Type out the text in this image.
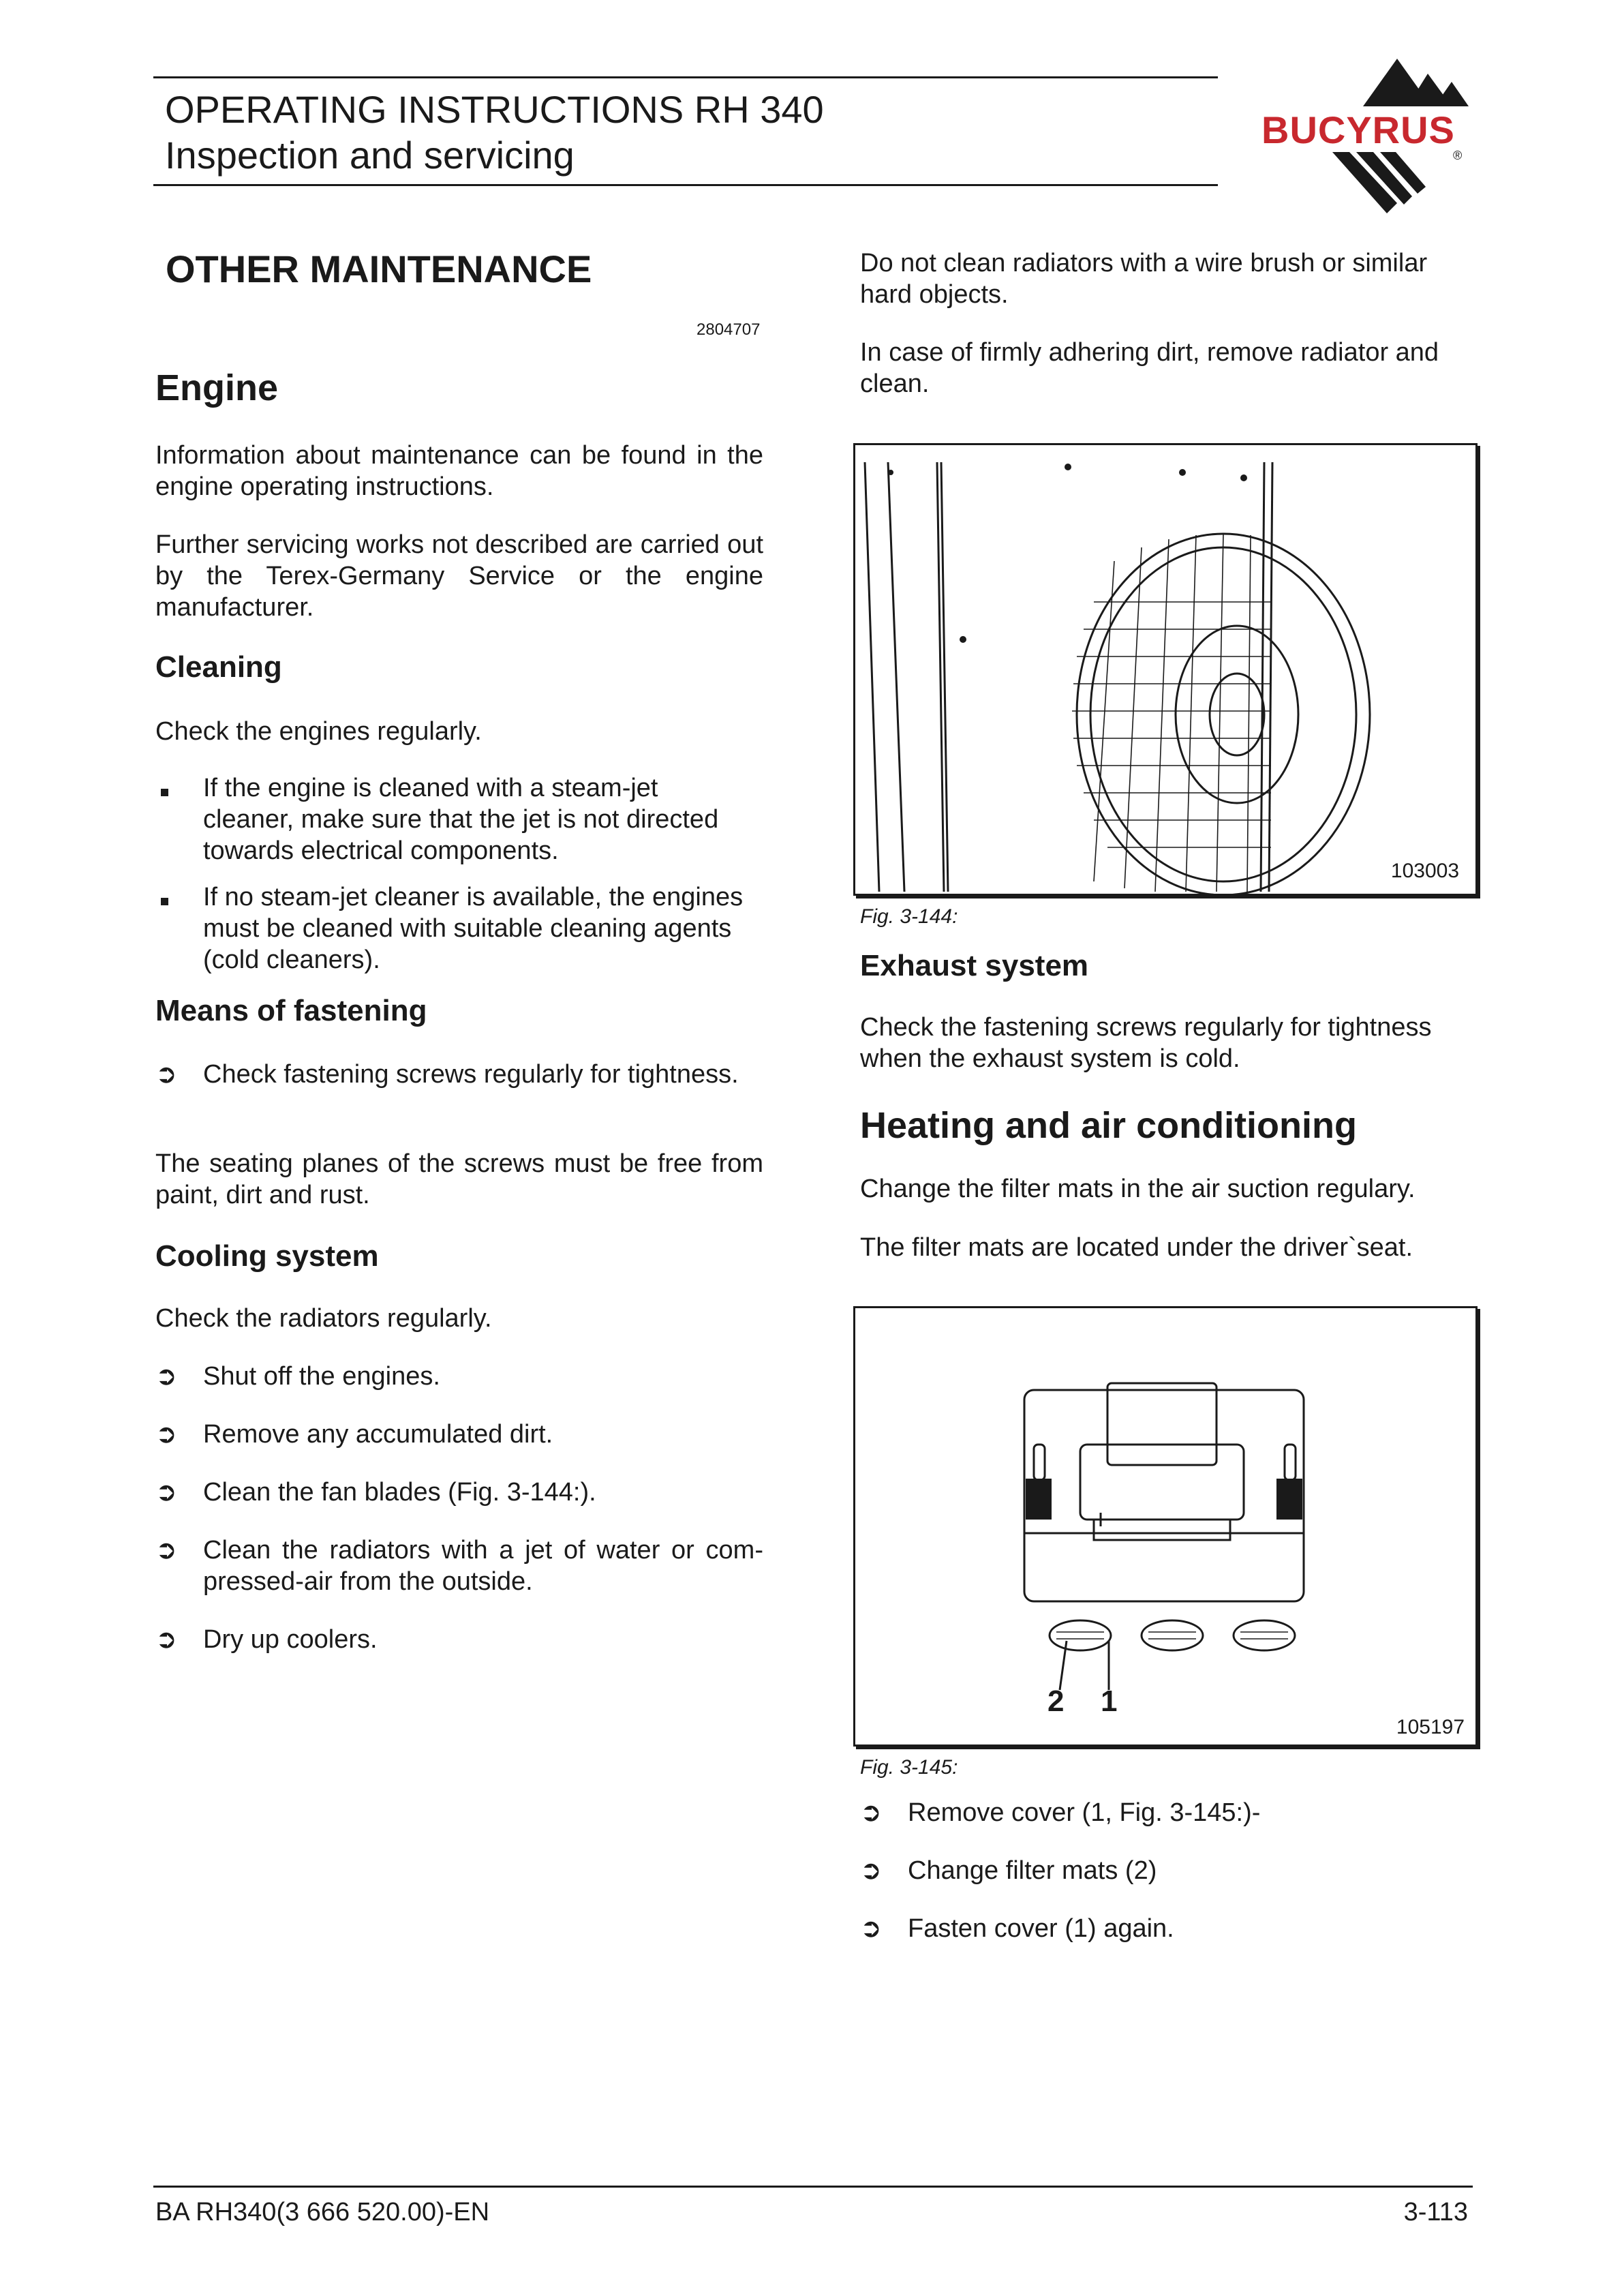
OPERATING INSTRUCTIONS RH 340
Inspection and servicing
BUCYRUS
®
OTHER MAINTENANCE
2804707
Engine

Information about maintenance can be found in the engine operating instructions.

Further servicing works not described are carried out by the Terex-Germany Service or the engine manufacturer.

Cleaning

Check the engines regularly.

If the engine is cleaned with a steam-jet cleaner, make sure that the jet is not directed towards electrical components.
If no steam-jet cleaner is available, the engines must be cleaned with suitable cleaning agents (cold cleaners).
Means of fastening
➲ Check fastening screws regularly for tightness.

The seating planes of the screws must be free from paint, dirt and rust.

Cooling system

Check the radiators regularly.

➲ Shut off the engines.
➲ Remove any accumulated dirt.
➲ Clean the fan blades (Fig. 3-144:).
➲ Clean the radiators with a jet of water or compressed-air from the outside.
➲ Dry up coolers.

Do not clean radiators with a wire brush or similar hard objects.

In case of firmly adhering dirt, remove radiator and clean.

103003
Fig. 3-144:
Exhaust system

Check the fastening screws regularly for tightness when the exhaust system is cold.

Heating and air conditioning

Change the filter mats in the air suction regulary.

The filter mats are located under the driver`seat.

2 1
105197
Fig. 3-145:
➲ Remove cover (1, Fig. 3-145:)-
➲ Change filter mats (2)
➲ Fasten cover (1) again.
BA RH340(3 666 520.00)-EN	3-113
